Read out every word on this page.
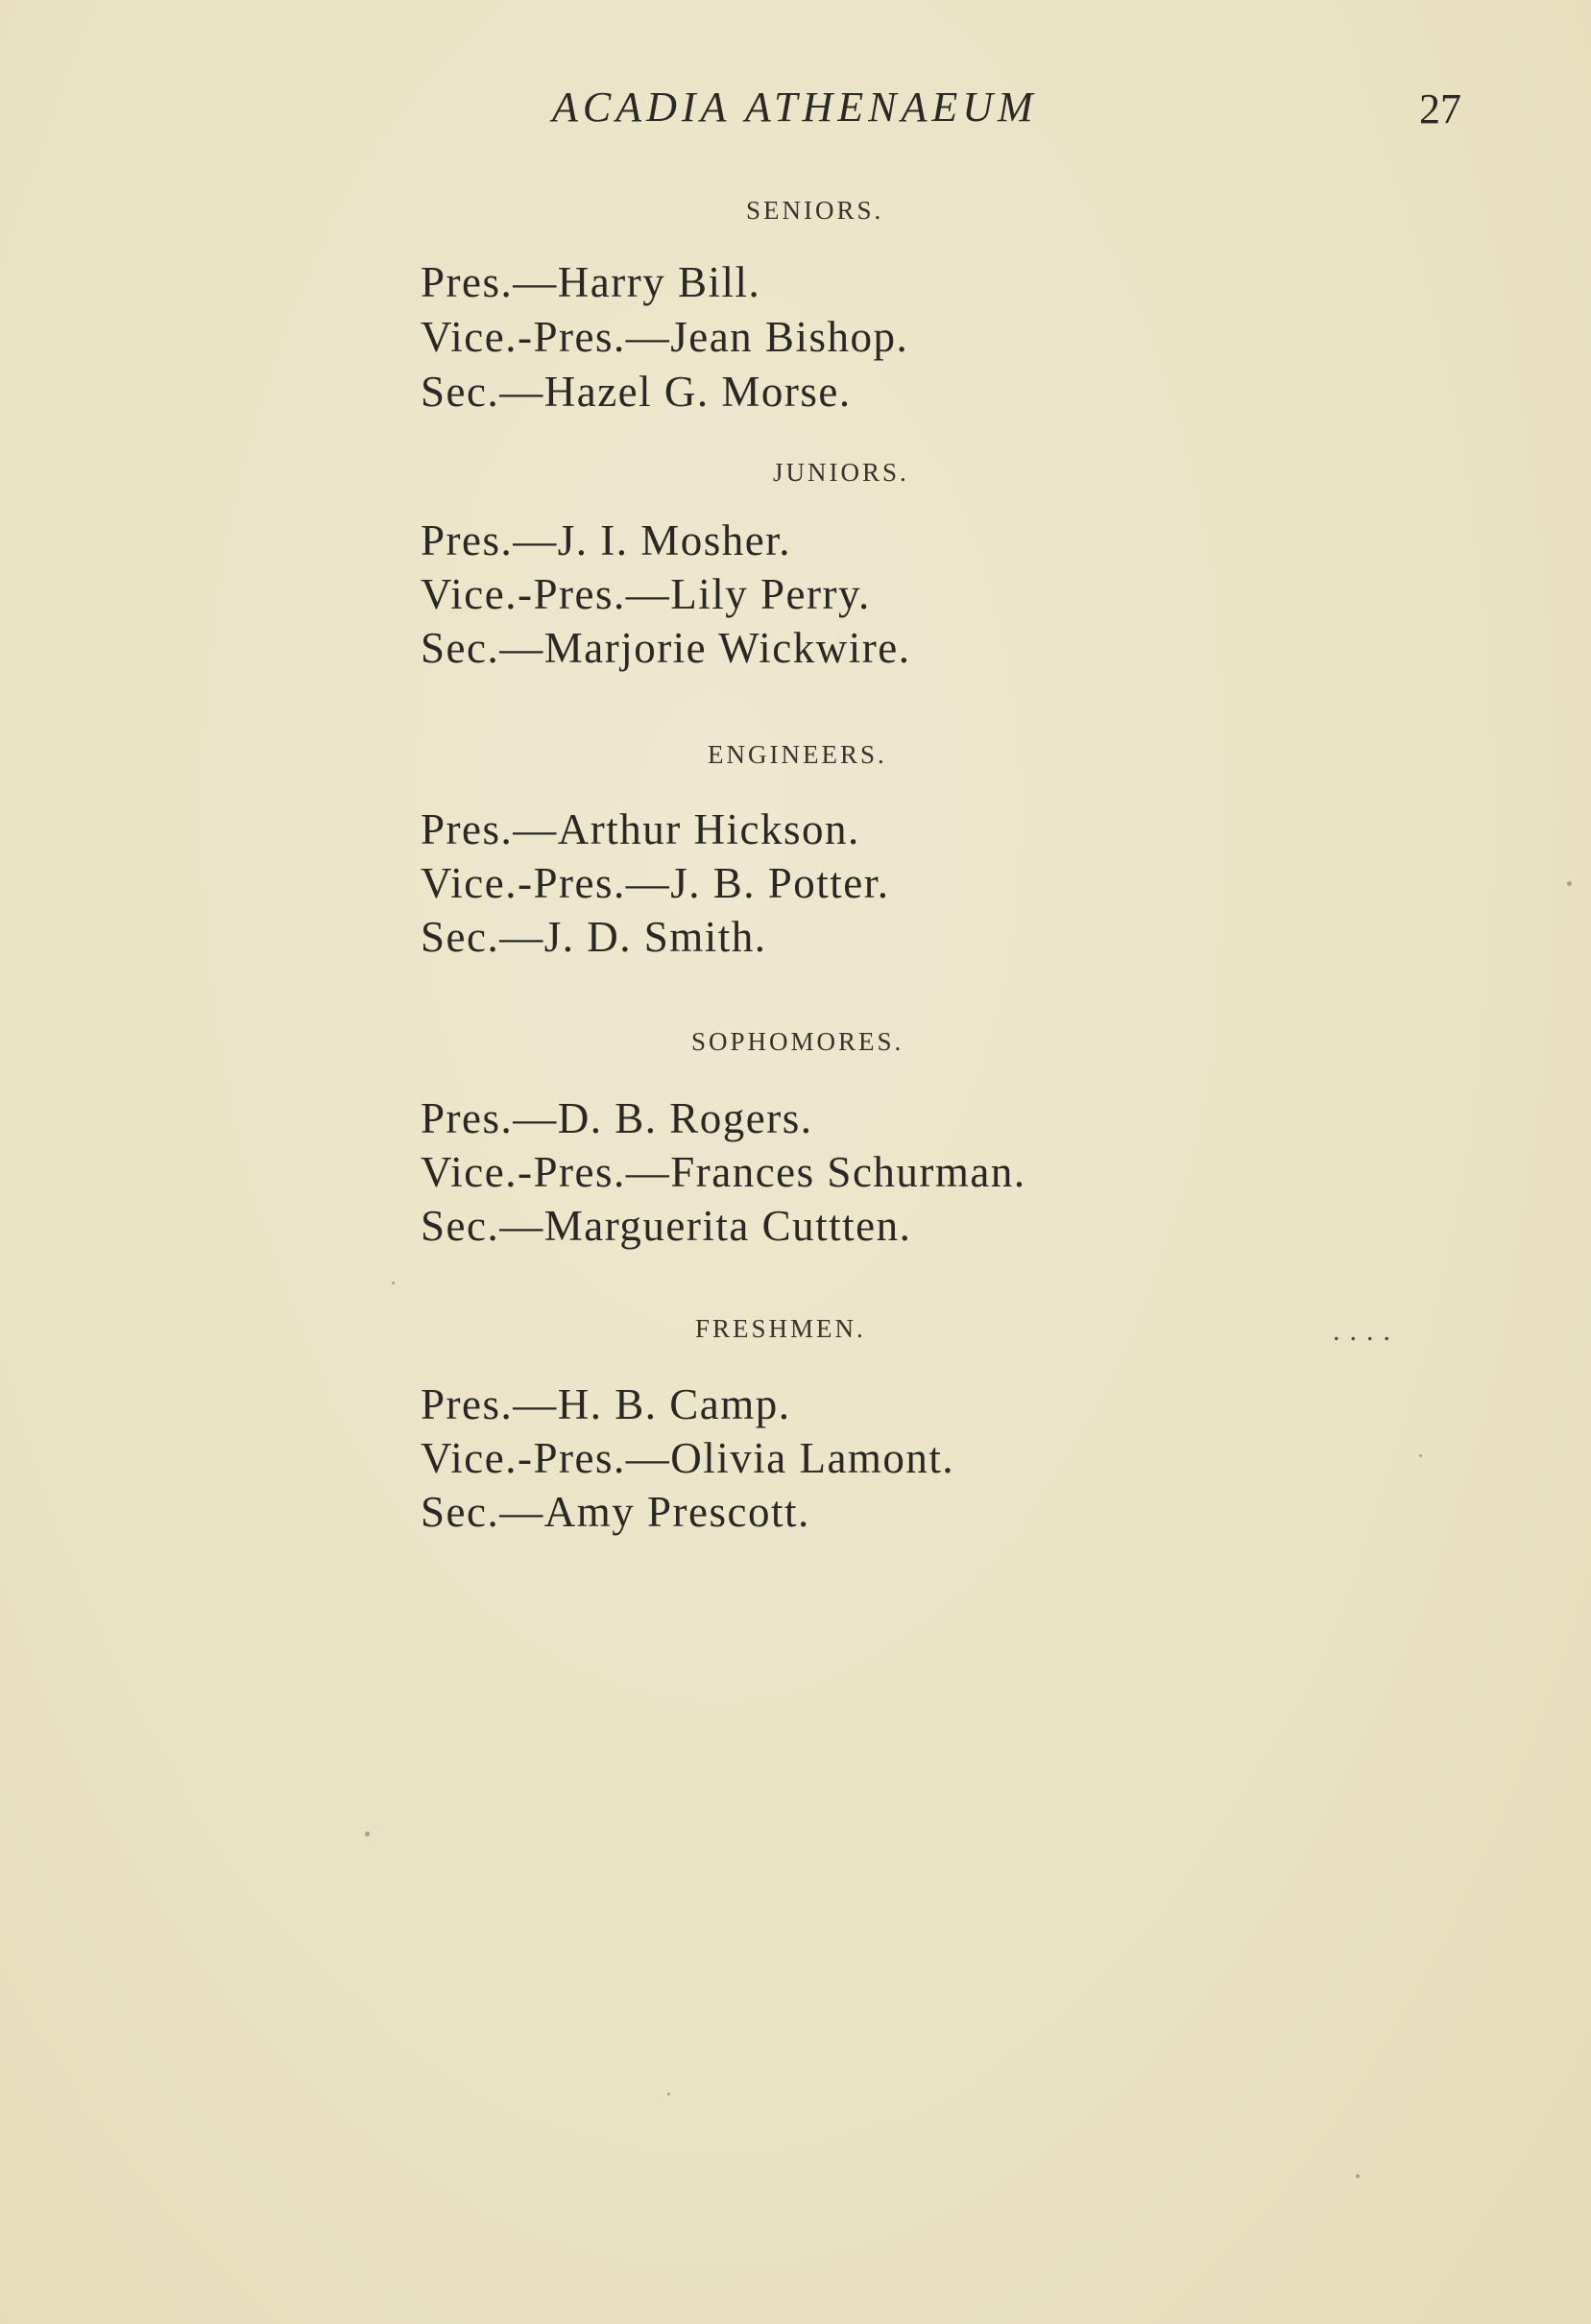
ACADIA ATHENAEUM	27
SENIORS.
Pres.—Harry Bill.
Vice.-Pres.—Jean Bishop.
Sec.—Hazel G. Morse.
JUNIORS.
Pres.—J. I. Mosher.
Vice.-Pres.—Lily Perry.
Sec.—Marjorie Wickwire.
ENGINEERS.
Pres.—Arthur Hickson.
Vice.-Pres.—J. B. Potter.
Sec.—J. D. Smith.
SOPHOMORES.
Pres.—D. B. Rogers.
Vice.-Pres.—Frances Schurman.
Sec.—Marguerita Cuttten.
FRESHMEN.
Pres.—H. B. Camp.
Vice.-Pres.—Olivia Lamont.
Sec.—Amy Prescott.
....
